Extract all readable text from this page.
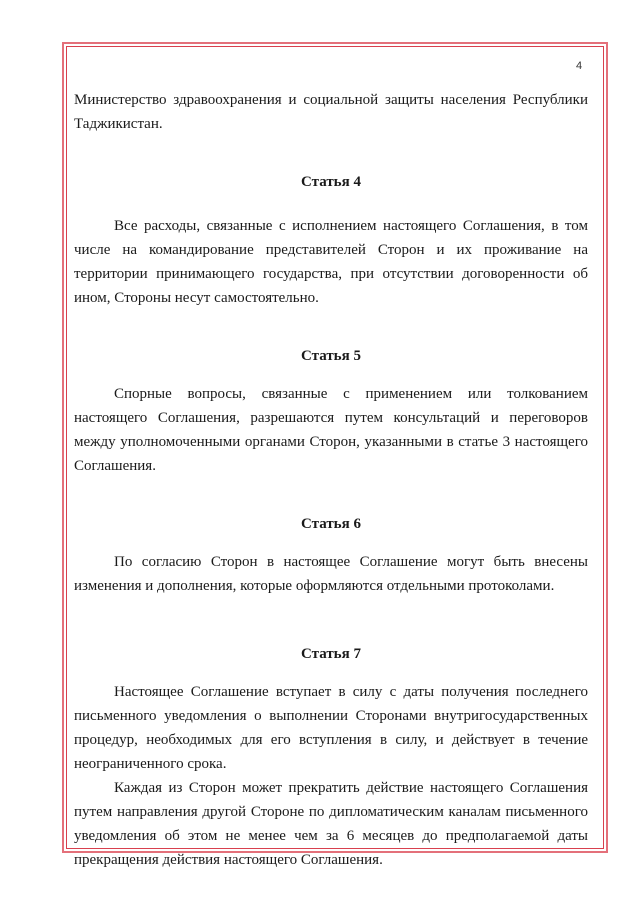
4

Министерство здравоохранения и социальной защиты населения Республики Таджикистан.

Статья 4

Все расходы, связанные с исполнением настоящего Соглашения, в том числе на командирование представителей Сторон и их проживание на территории принимающего государства, при отсутствии договоренности об ином, Стороны несут самостоятельно.

Статья 5

Спорные вопросы, связанные с применением или толкованием настоящего Соглашения, разрешаются путем консультаций и переговоров между уполномоченными органами Сторон, указанными в статье 3 настоящего Соглашения.

Статья 6

По согласию Сторон в настоящее Соглашение могут быть внесены изменения и дополнения, которые оформляются отдельными протоколами.

Статья 7

Настоящее Соглашение вступает в силу с даты получения последнего письменного уведомления о выполнении Сторонами внутригосударственных процедур, необходимых для его вступления в силу, и действует в течение неограниченного срока.

Каждая из Сторон может прекратить действие настоящего Соглашения путем направления другой Стороне по дипломатическим каналам письменного уведомления об этом не менее чем за 6 месяцев до предполагаемой даты прекращения действия настоящего Соглашения.
